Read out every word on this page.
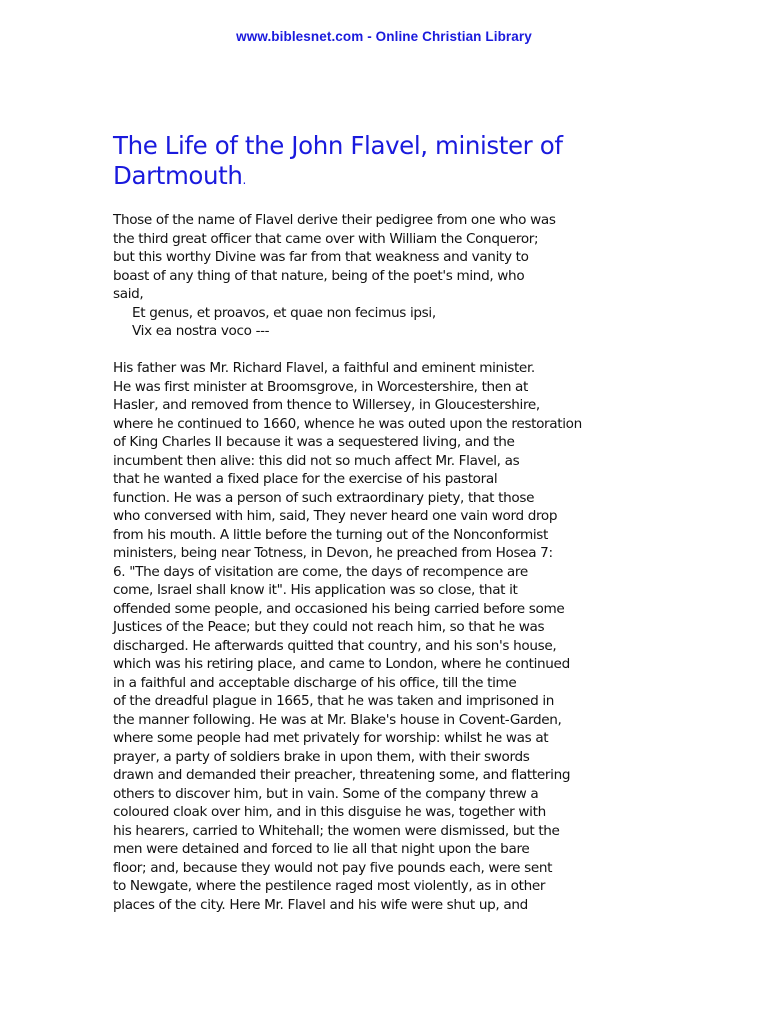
www.biblesnet.com - Online Christian Library
The Life of the John Flavel, minister of Dartmouth.
Those of the name of Flavel derive their pedigree from one who was
the third great officer that came over with William the Conqueror;
but this worthy Divine was far from that weakness and vanity to
boast of any thing of that nature, being of the poet's mind, who
said,
Et genus, et proavos, et quae non fecimus ipsi,
Vix ea nostra voco ---
His father was Mr. Richard Flavel, a faithful and eminent minister.
He was first minister at Broomsgrove, in Worcestershire, then at
Hasler, and removed from thence to Willersey, in Gloucestershire,
where he continued to 1660, whence he was outed upon the restoration
of King Charles II because it was a sequestered living, and the
incumbent then alive: this did not so much affect Mr. Flavel, as
that he wanted a fixed place for the exercise of his pastoral
function. He was a person of such extraordinary piety, that those
who conversed with him, said, They never heard one vain word drop
from his mouth. A little before the turning out of the Nonconformist
ministers, being near Totness, in Devon, he preached from Hosea 7:
6. "The days of visitation are come, the days of recompence are
come, Israel shall know it". His application was so close, that it
offended some people, and occasioned his being carried before some
Justices of the Peace; but they could not reach him, so that he was
discharged. He afterwards quitted that country, and his son's house,
which was his retiring place, and came to London, where he continued
in a faithful and acceptable discharge of his office, till the time
of the dreadful plague in 1665, that he was taken and imprisoned in
the manner following. He was at Mr. Blake's house in Covent-Garden,
where some people had met privately for worship: whilst he was at
prayer, a party of soldiers brake in upon them, with their swords
drawn and demanded their preacher, threatening some, and flattering
others to discover him, but in vain. Some of the company threw a
coloured cloak over him, and in this disguise he was, together with
his hearers, carried to Whitehall; the women were dismissed, but the
men were detained and forced to lie all that night upon the bare
floor; and, because they would not pay five pounds each, were sent
to Newgate, where the pestilence raged most violently, as in other
places of the city. Here Mr. Flavel and his wife were shut up, and
